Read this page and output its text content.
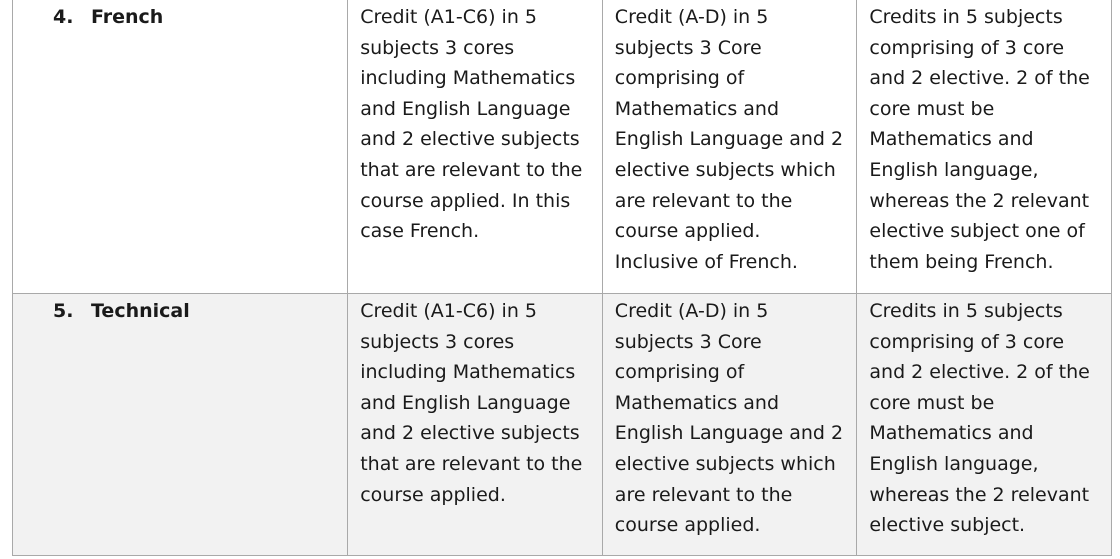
4. French	Credit (A1-C6) in 5 subjects 3 cores including Mathematics and English Language and 2 elective subjects that are relevant to the course applied. In this case French.	Credit (A-D) in 5 subjects 3 Core comprising of Mathematics and English Language and 2 elective subjects which are relevant to the course applied. Inclusive of French.	Credits in 5 subjects comprising of 3 core and 2 elective. 2 of the core must be Mathematics and English language, whereas the 2 relevant elective subject one of them being French.
5. Technical	Credit (A1-C6) in 5 subjects 3 cores including Mathematics and English Language and 2 elective subjects that are relevant to the course applied.	Credit (A-D) in 5 subjects 3 Core comprising of Mathematics and English Language and 2 elective subjects which are relevant to the course applied.	Credits in 5 subjects comprising of 3 core and 2 elective. 2 of the core must be Mathematics and English language, whereas the 2 relevant elective subject.
